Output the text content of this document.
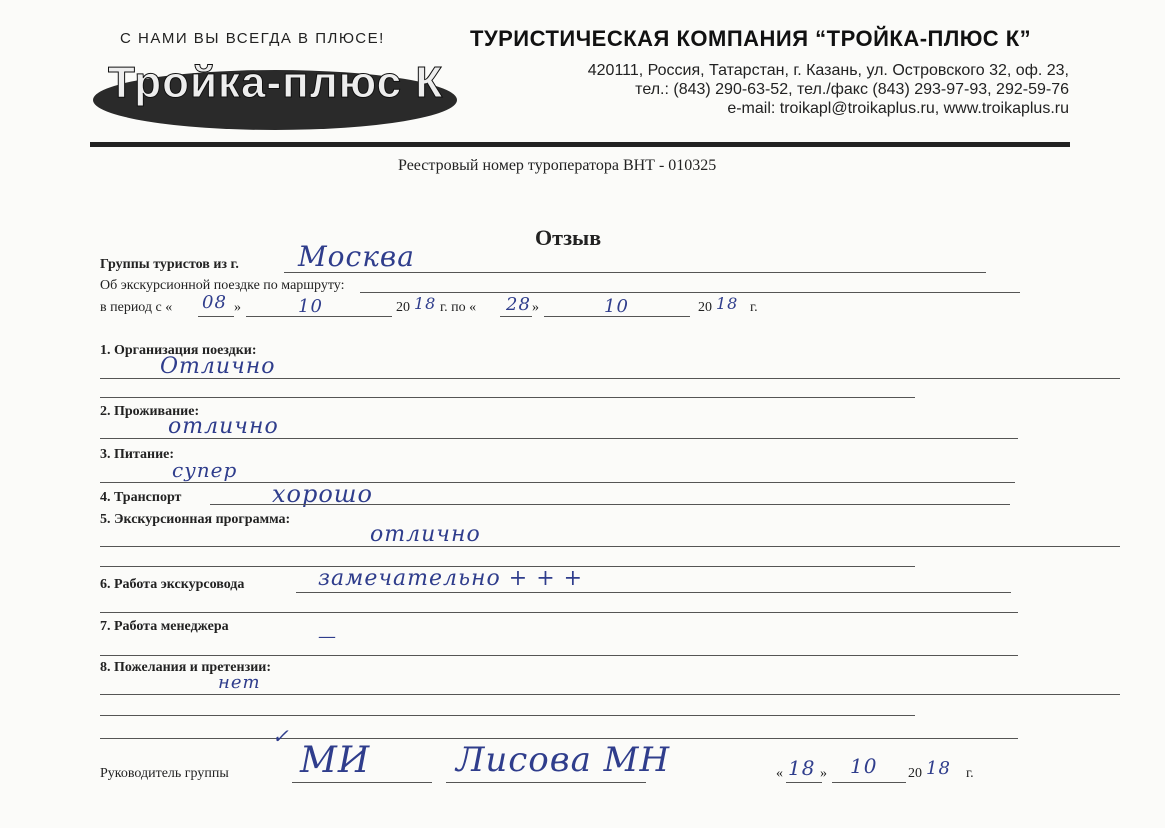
С НАМИ ВЫ ВСЕГДА В ПЛЮСЕ!
Тройка-плюс К
ТУРИСТИЧЕСКАЯ КОМПАНИЯ “ТРОЙКА-ПЛЮС К”
420111, Россия, Татарстан, г. Казань, ул. Островского 32, оф. 23,
тел.: (843) 290-63-52, тел./факс (843) 293-97-93, 292-59-76
e-mail: troikapl@troikaplus.ru, www.troikaplus.ru
Реестровый номер туроператора ВНТ - 010325
Отзыв
Группы туристов из г. Москва
Об экскурсионной поездке по маршруту:
в период с « 08 »	10	20 18 г. по « 28 »	10	20 18 г.
1. Организация поездки:
Отлично
2. Проживание:
отлично
3. Питание:
супер
4. Транспорт	хорошо
5. Экскурсионная программа:
отлично
6. Работа экскурсовода	замечательно + + +
7. Работа менеджера	—
8. Пожелания и претензии:
нет
✓
Руководитель группы МИ	Лисова МН	« 18 » 10 20 18 г.
